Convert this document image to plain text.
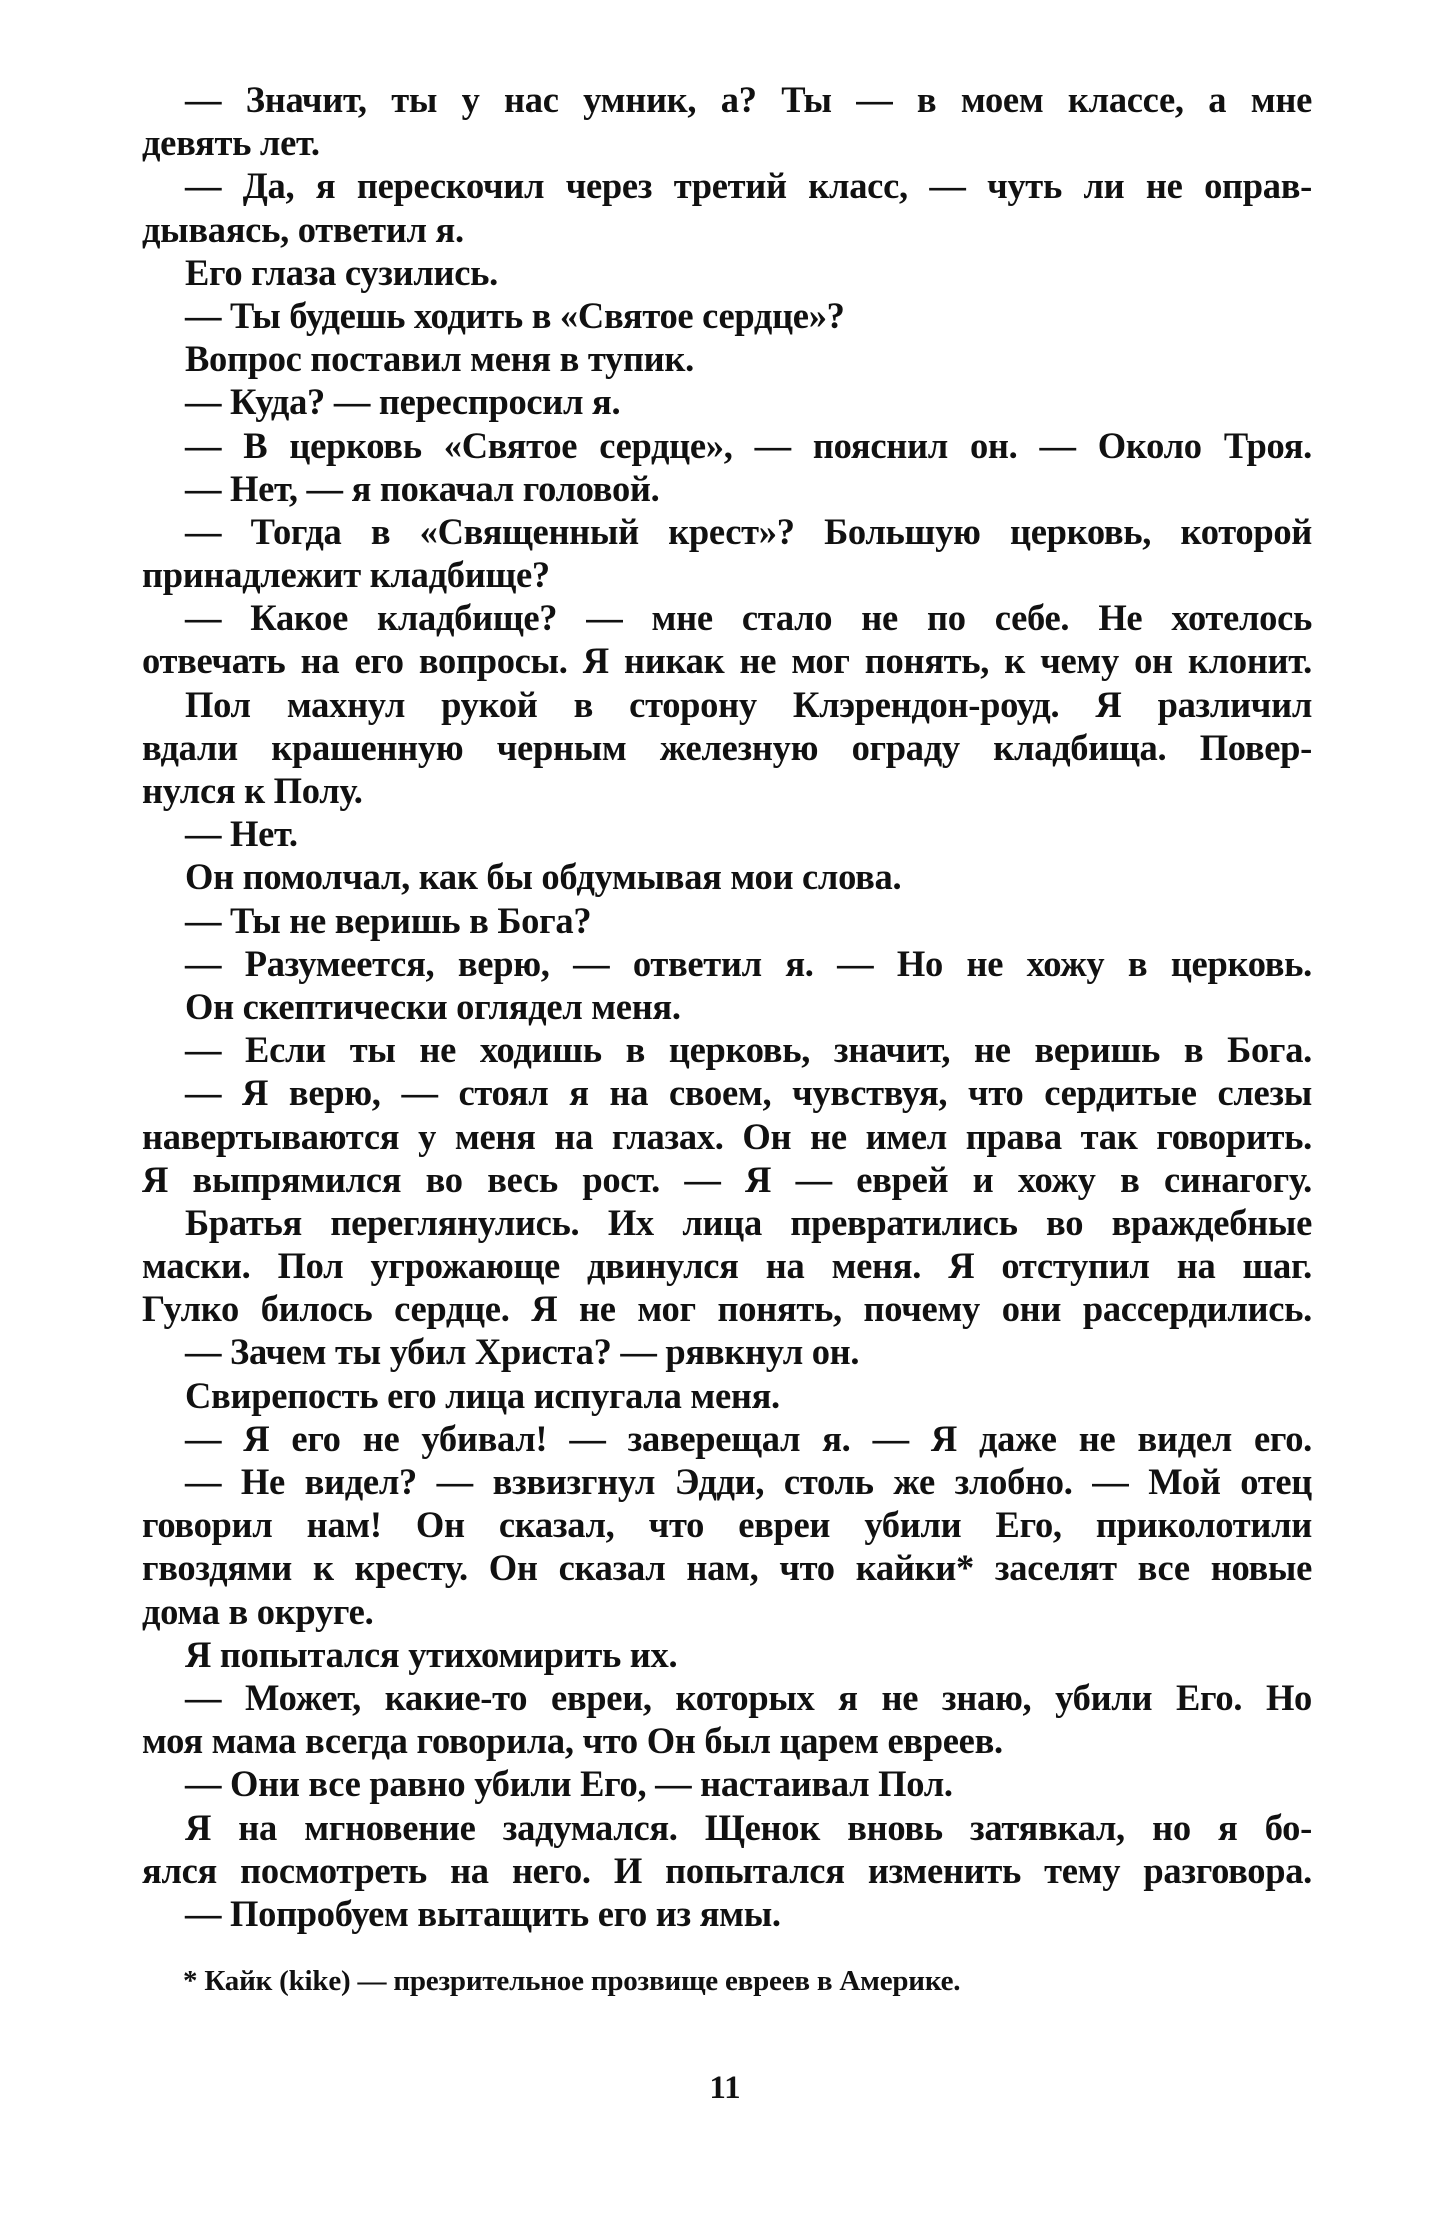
— Значит, ты у нас умник, а? Ты — в моем классе, а мне
девять лет.
— Да, я перескочил через третий класс, — чуть ли не оправ-
дываясь, ответил я.
Его глаза сузились.
— Ты будешь ходить в «Святое сердце»?
Вопрос поставил меня в тупик.
— Куда? — переспросил я.
— В церковь «Святое сердце», — пояснил он. — Около Троя.
— Нет, — я покачал головой.
— Тогда в «Священный крест»? Большую церковь, которой
принадлежит кладбище?
— Какое кладбище? — мне стало не по себе. Не хотелось
отвечать на его вопросы. Я никак не мог понять, к чему он клонит.
Пол махнул рукой в сторону Клэрендон-роуд. Я различил
вдали крашенную черным железную ограду кладбища. Повер-
нулся к Полу.
— Нет.
Он помолчал, как бы обдумывая мои слова.
— Ты не веришь в Бога?
— Разумеется, верю, — ответил я. — Но не хожу в церковь.
Он скептически оглядел меня.
— Если ты не ходишь в церковь, значит, не веришь в Бога.
— Я верю, — стоял я на своем, чувствуя, что сердитые слезы
навертываются у меня на глазах. Он не имел права так говорить.
Я выпрямился во весь рост. — Я — еврей и хожу в синагогу.
Братья переглянулись. Их лица превратились во враждебные
маски. Пол угрожающе двинулся на меня. Я отступил на шаг.
Гулко билось сердце. Я не мог понять, почему они рассердились.
— Зачем ты убил Христа? — рявкнул он.
Свирепость его лица испугала меня.
— Я его не убивал! — заверещал я. — Я даже не видел его.
— Не видел? — взвизгнул Эдди, столь же злобно. — Мой отец
говорил нам! Он сказал, что евреи убили Его, приколотили
гвоздями к кресту. Он сказал нам, что кайки* заселят все новые
дома в округе.
Я попытался утихомирить их.
— Может, какие-то евреи, которых я не знаю, убили Его. Но
моя мама всегда говорила, что Он был царем евреев.
— Они все равно убили Его, — настаивал Пол.
Я на мгновение задумался. Щенок вновь затявкал, но я бо-
ялся посмотреть на него. И попытался изменить тему разговора.
— Попробуем вытащить его из ямы.
* Кайк (kike) — презрительное прозвище евреев в Америке.
11
